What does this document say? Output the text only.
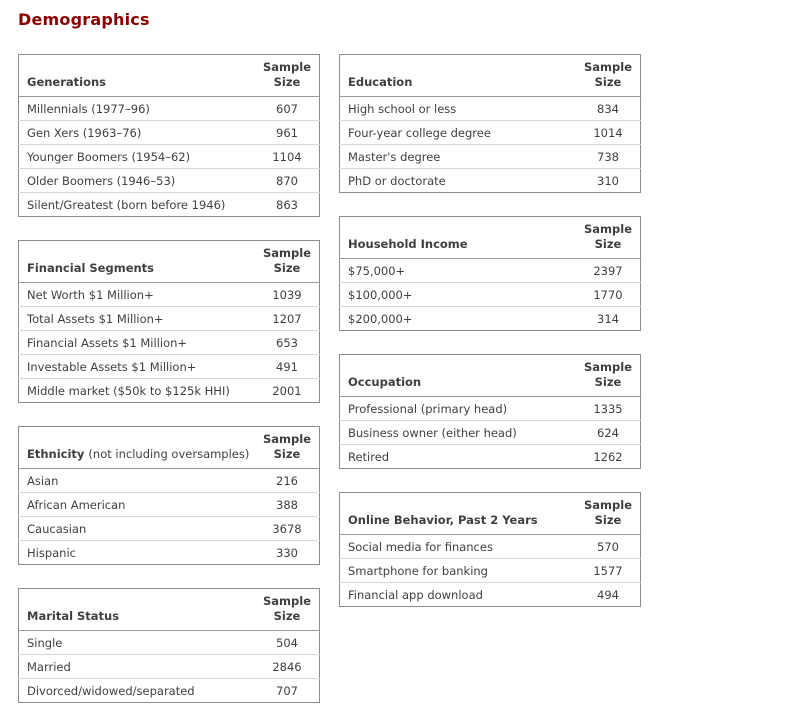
Demographics
Generations	Sample Size
Millennials (1977–96)	607
Gen Xers (1963–76)	961
Younger Boomers (1954–62)	1104
Older Boomers (1946–53)	870
Silent/Greatest (born before 1946)	863
Financial Segments	Sample Size
Net Worth $1 Million+	1039
Total Assets $1 Million+	1207
Financial Assets $1 Million+	653
Investable Assets $1 Million+	491
Middle market ($50k to $125k HHI)	2001
Ethnicity (not including oversamples)	Sample Size
Asian	216
African American	388
Caucasian	3678
Hispanic	330
Marital Status	Sample Size
Single	504
Married	2846
Divorced/widowed/separated	707
Education	Sample Size
High school or less	834
Four-year college degree	1014
Master's degree	738
PhD or doctorate	310
Household Income	Sample Size
$75,000+	2397
$100,000+	1770
$200,000+	314
Occupation	Sample Size
Professional (primary head)	1335
Business owner (either head)	624
Retired	1262
Online Behavior, Past 2 Years	Sample Size
Social media for finances	570
Smartphone for banking	1577
Financial app download	494
